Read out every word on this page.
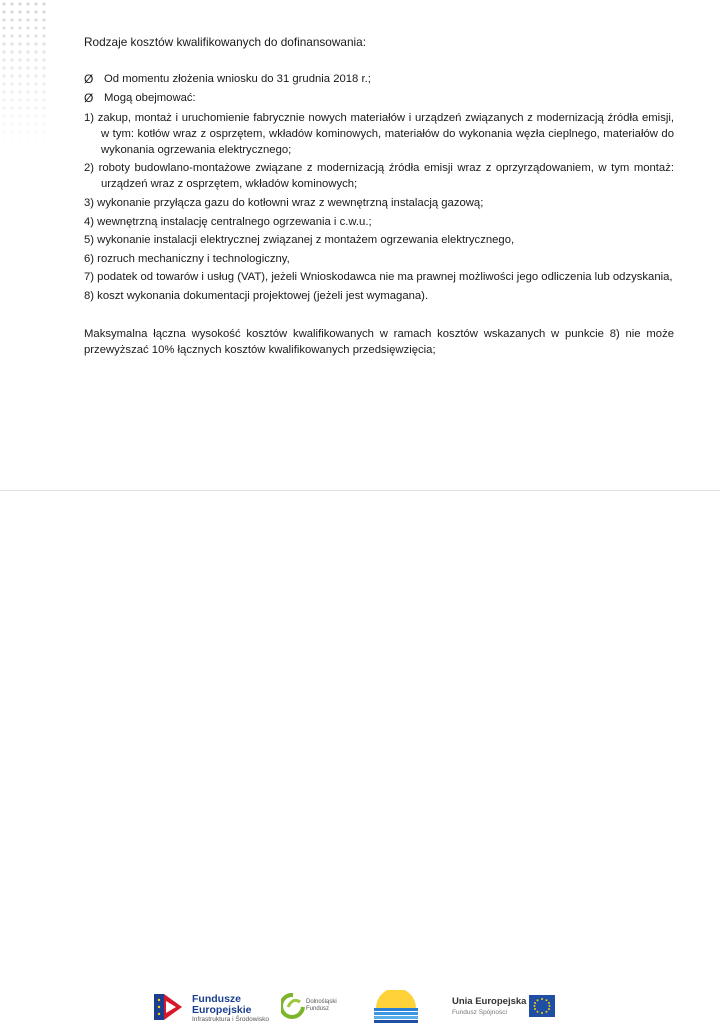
Rodzaje kosztów kwalifikowanych do dofinansowania:
Ø Od momentu złożenia wniosku do 31 grudnia 2018 r.;
Ø Mogą obejmować:
1) zakup, montaż i uruchomienie fabrycznie nowych materiałów i urządzeń związanych z modernizacją źródła emisji, w tym: kotłów wraz z osprzętem, wkładów kominowych, materiałów do wykonania węzła cieplnego, materiałów do wykonania ogrzewania elektrycznego;
2) roboty budowlano-montażowe związane z modernizacją źródła emisji wraz z oprzyrządowaniem, w tym montaż: urządzeń wraz z osprzętem, wkładów kominowych;
3) wykonanie przyłącza gazu do kotłowni wraz z wewnętrzną instalacją gazową;
4) wewnętrzną instalację centralnego ogrzewania i c.w.u.;
5) wykonanie instalacji elektrycznej związanej z montażem ogrzewania elektrycznego,
6) rozruch mechaniczny i technologiczny,
7) podatek od towarów i usług (VAT), jeżeli Wnioskodawca nie ma prawnej możliwości jego odliczenia lub odzyskania,
8) koszt wykonania dokumentacji projektowej (jeżeli jest wymagana).
Maksymalna łączna wysokość kosztów kwalifikowanych w ramach kosztów wskazanych w punkcie 8) nie może przewyższać 10% łącznych kosztów kwalifikowanych przedsięwzięcia;
Fundusze
Europejskie
Infrastruktura i Środowisko
Dolnośląski
Fundusz
Unia Europejska
Fundusz Spójności
